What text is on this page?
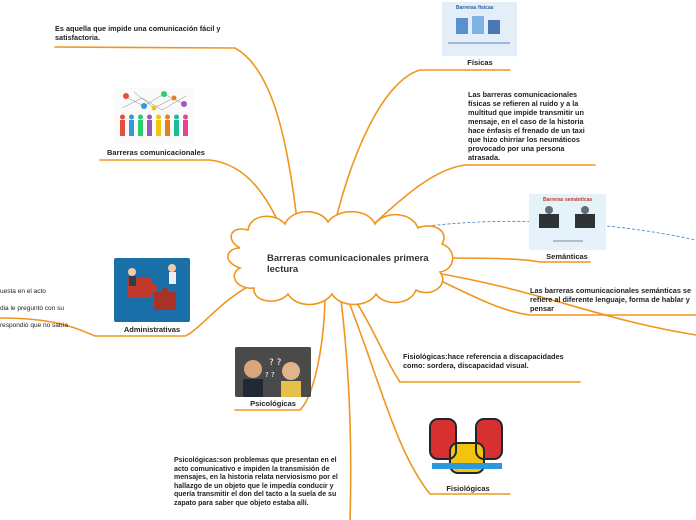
Barreras comunicacionales primera lectura
Es aquella que impide una comunicación fácil y satisfactoria.
Barreras comunicacionales

uesta en el acto

dia le preguntó con su

respondió que no sabía	Administrativas
? ?
? ?
Psicológicas
Psicológicas:son problemas que presentan en el acto comunicativo e impiden la transmisión de mensajes, en la historia relata nerviosismo por el hallazgo de un objeto que le impedía conducir y quería transmitir el don del tacto a la suela de su zapato para saber que objeto estaba allí.
Barreras físicas
Físicas
Las barreras comunicacionales físicas se refieren al ruido y a la multitud que impide transmitir un mensaje, en el caso de la historia hace énfasis el frenado de un taxi que hizo chirriar los neumáticos provocado por una persona atrasada.
Barreras semánticas
Semánticas
Las barreras comunicacionales semánticas se refiere al diferente lenguaje, forma de hablar y pensar
Fisiológicas:hace referencia a discapacidades como: sordera, discapacidad visual.
Fisiológicas
